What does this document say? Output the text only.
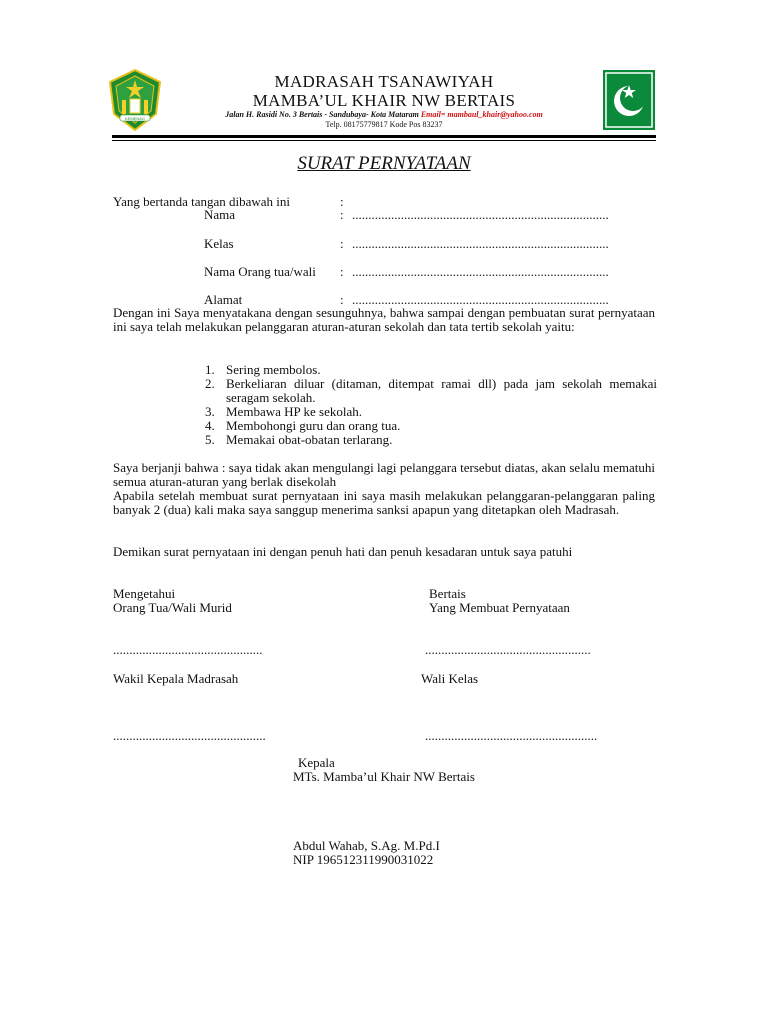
KEMENAG
MADRASAH TSANAWIYAH
MAMBA’UL KHAIR NW BERTAIS
Jalan H. Rasidi No. 3 Bertais - Sandubaya- Kota Mataram Email= mambaul_khair@yahoo.com
Telp. 08175779817 Kode Pos 83237
SURAT PERNYATAAN
Yang bertanda tangan dibawah ini	:
Nama	: ...............................................................................
Kelas	: ...............................................................................
Nama Orang tua/wali : ...............................................................................
Alamat	: ...............................................................................
Dengan ini Saya menyatakana dengan sesunguhnya, bahwa sampai dengan pembuatan surat pernyataan ini saya telah melakukan pelanggaran aturan-aturan sekolah dan tata tertib sekolah yaitu:
1. Sering membolos.
2. Berkeliaran diluar (ditaman, ditempat ramai dll) pada jam sekolah memakai seragam sekolah.
3. Membawa HP ke sekolah.
4. Membohongi guru dan orang tua.
5. Memakai obat-obatan terlarang.
Saya berjanji bahwa : saya tidak akan mengulangi lagi pelanggara tersebut diatas, akan selalu mematuhi semua aturan-aturan yang berlak disekolah
Apabila setelah membuat surat pernyataan ini saya masih melakukan pelanggaran-pelanggaran paling banyak 2 (dua) kali maka saya sanggup menerima sanksi apapun yang ditetapkan oleh Madrasah.
Demikan surat pernyataan ini dengan penuh hati dan penuh kesadaran untuk saya patuhi
Mengetahui
Orang Tua/Wali Murid
Bertais
Yang Membuat Pernyataan
..............................................	...................................................
Wakil Kepala Madrasah	Wali Kelas
...............................................	.....................................................
Kepala
MTs. Mamba’ul Khair NW Bertais
Abdul Wahab, S.Ag. M.Pd.I
NIP 196512311990031022
